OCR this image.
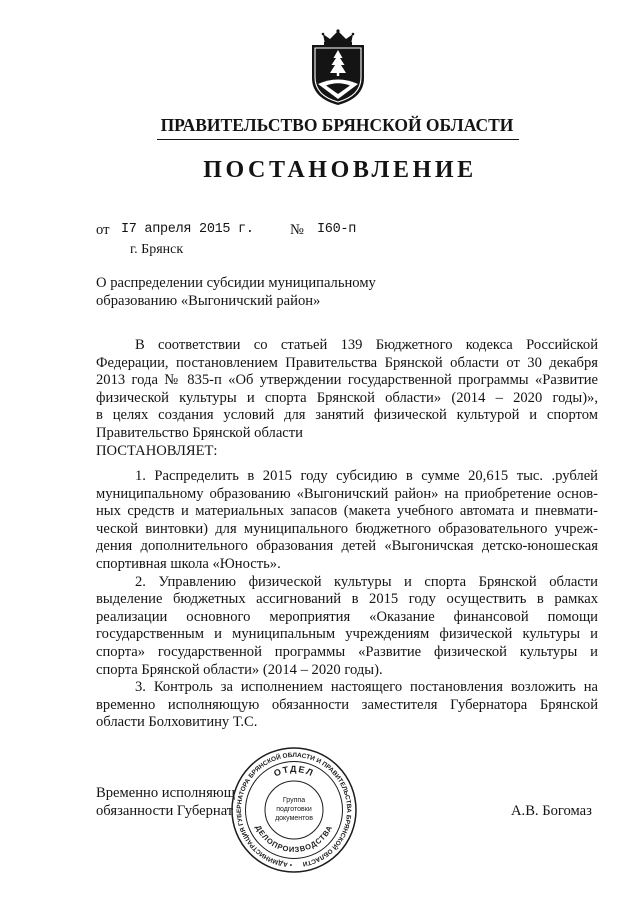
ПРАВИТЕЛЬСТВО БРЯНСКОЙ ОБЛАСТИ
ПОСТАНОВЛЕНИЕ
от I7 апреля 2015 г. № I60-п
г. Брянск
О распределении субсидии муниципальному
образованию «Выгоничский район»
В соответствии со статьей 139 Бюджетного кодекса Российской
Федерации, постановлением Правительства Брянской области от 30 декабря
2013 года № 835-п «Об утверждении государственной программы «Развитие
физической культуры и спорта Брянской области» (2014 – 2020 годы)»,
в целях создания условий для занятий физической культурой и спортом
Правительство Брянской области
ПОСТАНОВЛЯЕТ:
1. Распределить в 2015 году субсидию в сумме 20,615 тыс. .рублей
муниципальному образованию «Выгоничский район» на приобретение основ-
ных средств и материальных запасов (макета учебного автомата и пневмати-
ческой винтовки) для муниципального бюджетного образовательного учреж-
дения дополнительного образования детей «Выгоничская детско-юношеская
спортивная школа «Юность».
2. Управлению физической культуры и спорта Брянской области
выделение бюджетных ассигнований в 2015 году осуществить в рамках
реализации основного мероприятия «Оказание финансовой помощи
государственным и муниципальным учреждениям физической культуры и
спорта» государственной программы «Развитие физической культуры и
спорта Брянской области» (2014 – 2020 годы).
3. Контроль за исполнением настоящего постановления возложить на
временно исполняющую обязанности заместителя Губернатора Брянской
области Болховитину Т.С.
Временно исполняющ
обязанности Губернат	А.В. Богомаз
• АДМИНИСТРАЦИЯ ГУБЕРНАТОРА БРЯНСКОЙ ОБЛАСТИ И ПРАВИТЕЛЬСТВА БРЯНСКОЙ ОБЛАСТИ
ОТДЕЛ
ДЕЛОПРОИЗВОДСТВА
Группа
подготовки
документов
